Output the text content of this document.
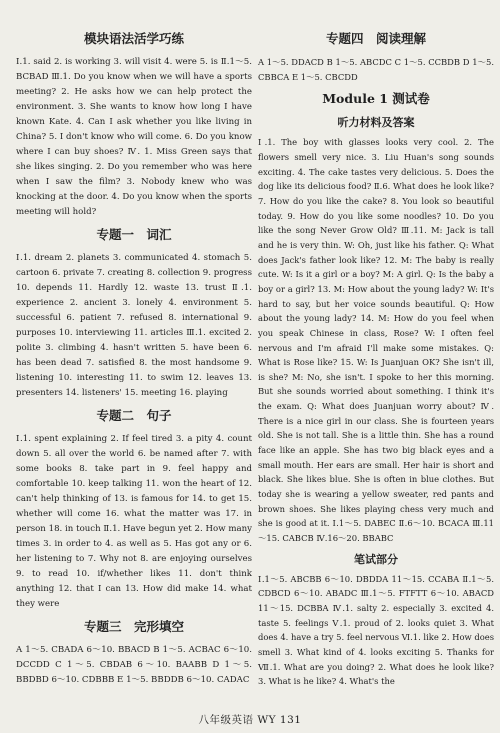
模块语法活学巧练

Ⅰ.1. said 2. is working 3. will visit 4. were 5. is Ⅱ.1～5. BCBAD Ⅲ.1. Do you know when we will have a sports meeting? 2. He asks how we can help protect the environment. 3. She wants to know how long I have known Kate. 4. Can I ask whether you like living in China? 5. I don't know who will come. 6. Do you know where I can buy shoes? Ⅳ. 1. Miss Green says that she likes singing. 2. Do you remember who was here when I saw the film? 3. Nobody knew who was knocking at the door. 4. Do you know when the sports meeting will hold?

专题一　词汇

Ⅰ.1. dream 2. planets 3. communicated 4. stomach 5. cartoon 6. private 7. creating 8. collection 9. progress 10. depends 11. Hardly 12. waste 13. trust Ⅱ.1. experience 2. ancient 3. lonely 4. environment 5. successful 6. patient 7. refused 8. international 9. purposes 10. interviewing 11. articles Ⅲ.1. excited 2. polite 3. climbing 4. hasn't written 5. have been 6. has been dead 7. satisfied 8. the most handsome 9. listening 10. interesting 11. to swim 12. leaves 13. presenters 14. listeners' 15. meeting 16. playing

专题二　句子

Ⅰ.1. spent explaining 2. If feel tired 3. a pity 4. count down 5. all over the world 6. be named after 7. with some books 8. take part in 9. feel happy and comfortable 10. keep talking 11. won the heart of 12. can't help thinking of 13. is famous for 14. to get 15. whether will come 16. what the matter was 17. in person 18. in touch Ⅱ.1. Have begun yet 2. How many times 3. in order to 4. as well as 5. Has got any or 6. her listening to 7. Why not 8. are enjoying ourselves 9. to read 10. if/whether likes 11. don't think anything 12. that I can 13. How did make 14. what they were

专题三　完形填空

A 1～5. CBADA 6～10. BBACD B 1～5. ACBAC 6～10. DCCDD C 1～5. CBDAB 6～10. BAABB D 1～5. BBDBD 6～10. CDBBB E 1～5. BBDDB 6～10. CADAC

专题四　阅读理解

A 1～5. DDACD B 1～5. ABCDC C 1～5. CCBDB D 1～5. CBBCA E 1～5. CBCDD

Module 1 测试卷
听力材料及答案

Ⅰ.1. The boy with glasses looks very cool. 2. The flowers smell very nice. 3. Liu Huan's song sounds exciting. 4. The cake tastes very delicious. 5. Does the dog like its delicious food? Ⅱ.6. What does he look like? 7. How do you like the cake? 8. You look so beautiful today. 9. How do you like some noodles? 10. Do you like the song Never Grow Old? Ⅲ.11. M: Jack is tall and he is very thin. W: Oh, just like his father. Q: What does Jack's father look like? 12. M: The baby is really cute. W: Is it a girl or a boy? M: A girl. Q: Is the baby a boy or a girl? 13. M: How about the young lady? W: It's hard to say, but her voice sounds beautiful. Q: How about the young lady? 14. M: How do you feel when you speak Chinese in class, Rose? W: I often feel nervous and I'm afraid I'll make some mistakes. Q: What is Rose like? 15. W: Is Juanjuan OK? She isn't ill, is she? M: No, she isn't. I spoke to her this morning. But she sounds worried about something. I think it's the exam. Q: What does Juanjuan worry about? Ⅳ. There is a nice girl in our class. She is fourteen years old. She is not tall. She is a little thin. She has a round face like an apple. She has two big black eyes and a small mouth. Her ears are small. Her hair is short and black. She likes blue. She is often in blue clothes. But today she is wearing a yellow sweater, red pants and brown shoes. She likes playing chess very much and she is good at it. Ⅰ.1～5. DABEC Ⅱ.6～10. BCACA Ⅲ.11～15. CABCB Ⅳ.16～20. BBABC

笔试部分

Ⅰ.1～5. ABCBB 6～10. DBDDA 11～15. CCABA Ⅱ.1～5. CDBCD 6～10. ABADC Ⅲ.1～5. FTFTT 6～10. ABACD 11～15. DCBBA Ⅳ.1. salty 2. especially 3. excited 4. taste 5. feelings Ⅴ.1. proud of 2. looks quiet 3. What does 4. have a try 5. feel nervous Ⅵ.1. like 2. How does smell 3. What kind of 4. looks exciting 5. Thanks for Ⅶ.1. What are you doing? 2. What does he look like? 3. What is he like? 4. What's the

八年级英语 WY 131
